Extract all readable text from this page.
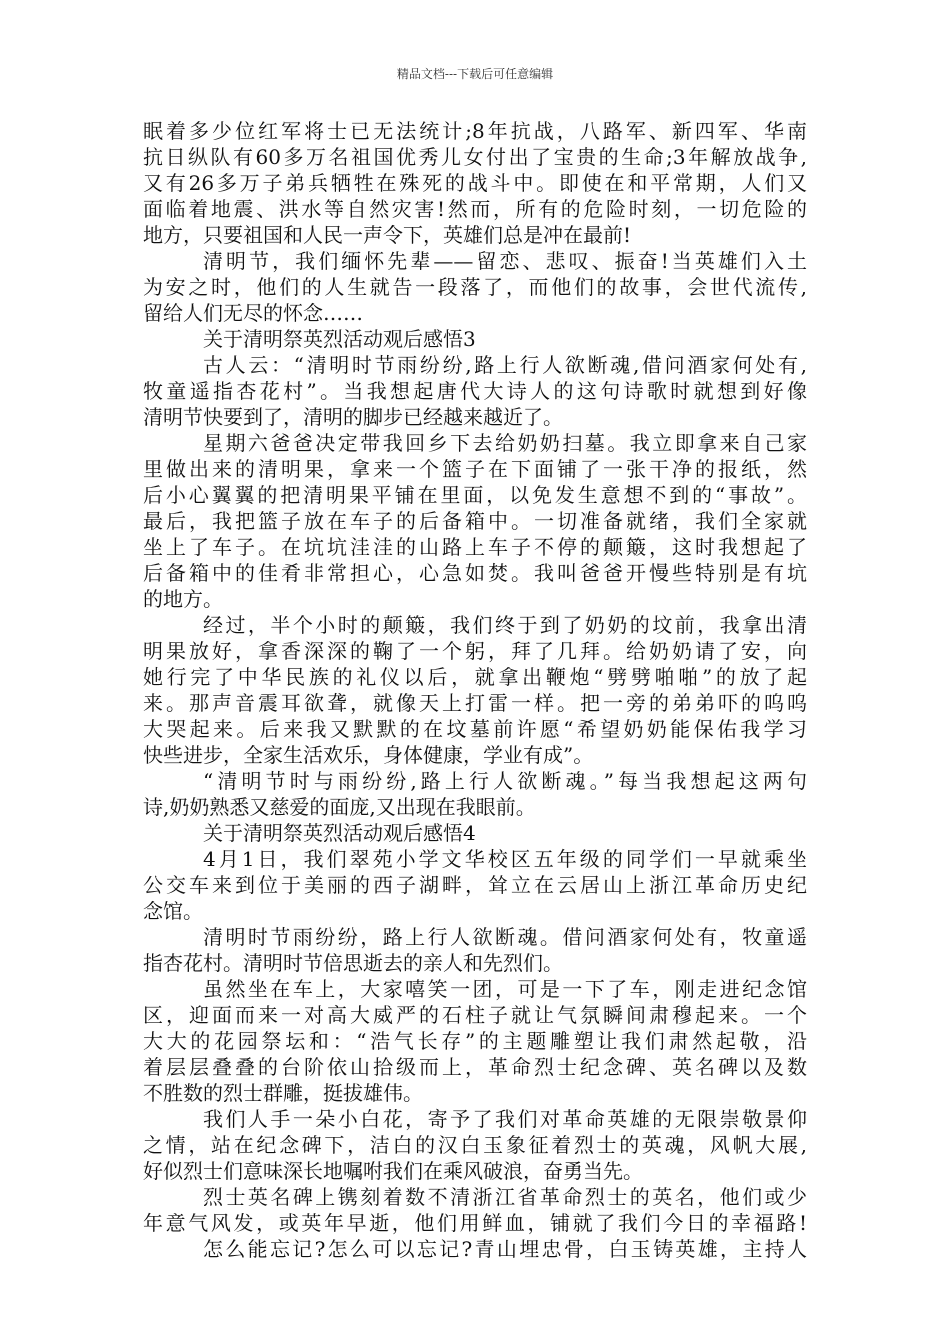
精品文档---下载后可任意编辑
眠着多少位红军将士已无法统计;8年抗战，八路军、新四军、华南
抗日纵队有60多万名祖国优秀儿女付出了宝贵的生命;3年解放战争,
又有26多万子弟兵牺牲在殊死的战斗中。即使在和平常期，人们又
面临着地震、洪水等自然灾害!然而，所有的危险时刻，一切危险的
地方，只要祖国和人民一声令下，英雄们总是冲在最前!
清明节，我们缅怀先辈——留恋、悲叹、振奋!当英雄们入土
为安之时，他们的人生就告一段落了，而他们的故事，会世代流传,
留给人们无尽的怀念……
关于清明祭英烈活动观后感悟3
古人云：“清明时节雨纷纷,路上行人欲断魂,借问酒家何处有,
牧童遥指杏花村”。当我想起唐代大诗人的这句诗歌时就想到好像
清明节快要到了，清明的脚步已经越来越近了。
星期六爸爸决定带我回乡下去给奶奶扫墓。我立即拿来自己家
里做出来的清明果，拿来一个篮子在下面铺了一张干净的报纸，然
后小心翼翼的把清明果平铺在里面，以免发生意想不到的“事故”。
最后，我把篮子放在车子的后备箱中。一切准备就绪，我们全家就
坐上了车子。在坑坑洼洼的山路上车子不停的颠簸，这时我想起了
后备箱中的佳肴非常担心，心急如焚。我叫爸爸开慢些特别是有坑
的地方。
经过，半个小时的颠簸，我们终于到了奶奶的坟前，我拿出清
明果放好，拿香深深的鞠了一个躬，拜了几拜。给奶奶请了安，向
她行完了中华民族的礼仪以后，就拿出鞭炮“劈劈啪啪”的放了起
来。那声音震耳欲聋，就像天上打雷一样。把一旁的弟弟吓的呜呜
大哭起来。后来我又默默的在坟墓前许愿“希望奶奶能保佑我学习
快些进步，全家生活欢乐，身体健康，学业有成”。
“清明节时与雨纷纷,路上行人欲断魂。”每当我想起这两句
诗,奶奶熟悉又慈爱的面庞,又出现在我眼前。
关于清明祭英烈活动观后感悟4
4月1日，我们翠苑小学文华校区五年级的同学们一早就乘坐
公交车来到位于美丽的西子湖畔，耸立在云居山上浙江革命历史纪
念馆。
清明时节雨纷纷，路上行人欲断魂。借问酒家何处有，牧童遥
指杏花村。清明时节倍思逝去的亲人和先烈们。
虽然坐在车上，大家嘻笑一团，可是一下了车，刚走进纪念馆
区，迎面而来一对高大威严的石柱子就让气氛瞬间肃穆起来。一个
大大的花园祭坛和：“浩气长存”的主题雕塑让我们肃然起敬，沿
着层层叠叠的台阶依山拾级而上，革命烈士纪念碑、英名碑以及数
不胜数的烈士群雕，挺拔雄伟。
我们人手一朵小白花，寄予了我们对革命英雄的无限崇敬景仰
之情，站在纪念碑下，洁白的汉白玉象征着烈士的英魂，风帆大展,
好似烈士们意味深长地嘱咐我们在乘风破浪，奋勇当先。
烈士英名碑上镌刻着数不清浙江省革命烈士的英名，他们或少
年意气风发，或英年早逝，他们用鲜血，铺就了我们今日的幸福路!
怎么能忘记?怎么可以忘记?青山埋忠骨，白玉铸英雄，主持人
